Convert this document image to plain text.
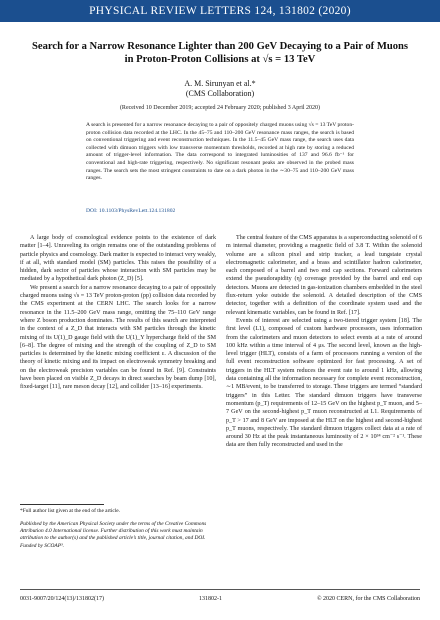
PHYSICAL REVIEW LETTERS 124, 131802 (2020)
Search for a Narrow Resonance Lighter than 200 GeV Decaying to a Pair of Muons in Proton-Proton Collisions at √s = 13 TeV
A. M. Sirunyan et al.*
(CMS Collaboration)
(Received 10 December 2019; accepted 24 February 2020; published 3 April 2020)
A search is presented for a narrow resonance decaying to a pair of oppositely charged muons using √s = 13 TeV proton-proton collision data recorded at the LHC. In the 45–75 and 110–200 GeV resonance mass ranges, the search is based on conventional triggering and event reconstruction techniques. In the 11.5–45 GeV mass range, the search uses data collected with dimuon triggers with low transverse momentum thresholds, recorded at high rate by storing a reduced amount of trigger-level information. The data correspond to integrated luminosities of 137 and 96.6 fb⁻¹ for conventional and high-rate triggering, respectively. No significant resonant peaks are observed in the probed mass ranges. The search sets the most stringent constraints to date on a dark photon in the ∼30–75 and 110–200 GeV mass ranges.
DOI: 10.1103/PhysRevLett.124.131802

A large body of cosmological evidence points to the existence of dark matter [1–4]. Unraveling its origin remains one of the outstanding problems of particle physics and cosmology. Dark matter is expected to interact very weakly, if at all, with standard model (SM) particles. This raises the possibility of a hidden, dark sector of particles whose interaction with SM particles may be mediated by a hypothetical dark photon (Z_D) [5].

We present a search for a narrow resonance decaying to a pair of oppositely charged muons using √s = 13 TeV proton-proton (pp) collision data recorded by the CMS experiment at the CERN LHC. The search looks for a narrow resonance in the 11.5–200 GeV mass range, omitting the 75–110 GeV range where Z boson production dominates. The results of this search are interpreted in the context of a Z_D that interacts with SM particles through the kinetic mixing of its U(1)_D gauge field with the U(1)_Y hypercharge field of the SM [6–8]. The degree of mixing and the strength of the coupling of Z_D to SM particles is determined by the kinetic mixing coefficient ε. A discussion of the theory of kinetic mixing and its impact on electroweak symmetry breaking and on the electroweak precision variables can be found in Ref. [9]. Constraints have been placed on visible Z_D decays in direct searches by beam dump [10], fixed-target [11], rare meson decay [12], and collider [13–16] experiments.

The central feature of the CMS apparatus is a superconducting solenoid of 6 m internal diameter, providing a magnetic field of 3.8 T. Within the solenoid volume are a silicon pixel and strip tracker, a lead tungstate crystal electromagnetic calorimeter, and a brass and scintillator hadron calorimeter, each composed of a barrel and two end cap sections. Forward calorimeters extend the pseudorapidity (η) coverage provided by the barrel and end cap detectors. Muons are detected in gas-ionization chambers embedded in the steel flux-return yoke outside the solenoid. A detailed description of the CMS detector, together with a definition of the coordinate system used and the relevant kinematic variables, can be found in Ref. [17].

Events of interest are selected using a two-tiered trigger system [18]. The first level (L1), composed of custom hardware processors, uses information from the calorimeters and muon detectors to select events at a rate of around 100 kHz within a time interval of 4 μs. The second level, known as the high-level trigger (HLT), consists of a farm of processors running a version of the full event reconstruction software optimized for fast processing. A set of triggers in the HLT system reduces the event rate to around 1 kHz, allowing data containing all the information necessary for complete event reconstruction, ∼1 MB/event, to be transferred to storage. These triggers are termed “standard triggers” in this Letter. The standard dimuon triggers have transverse momentum (p_T) requirements of 12–15 GeV on the highest p_T muon, and 5–7 GeV on the second-highest p_T muon reconstructed at L1. Requirements of p_T > 17 and 8 GeV are imposed at the HLT on the highest and second-highest p_T muons, respectively. The standard dimuon triggers collect data at a rate of around 30 Hz at the peak instantaneous luminosity of 2 × 10³⁴ cm⁻² s⁻¹. These data are then fully reconstructed and used in the

*Full author list given at the end of the article.
Published by the American Physical Society under the terms of the Creative Commons Attribution 4.0 International license. Further distribution of this work must maintain attribution to the author(s) and the published article’s title, journal citation, and DOI. Funded by SCOAP³.
0031-9007/20/124(13)/131802(17)	131802-1	© 2020 CERN, for the CMS Collaboration
